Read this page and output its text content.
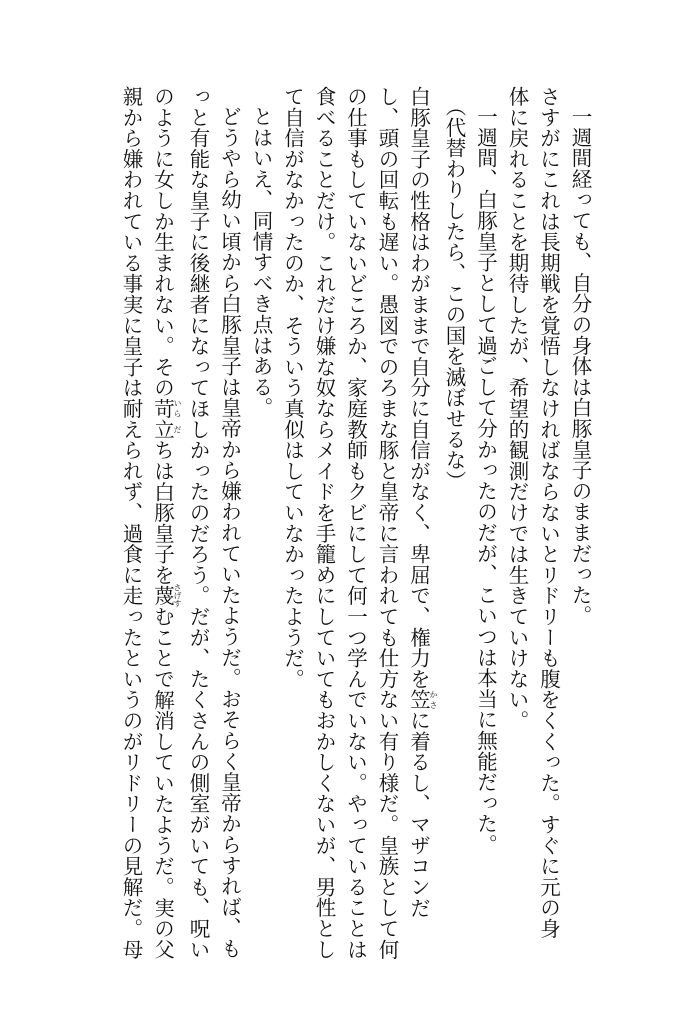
一週間経っても、自分の身体は白豚皇子のままだった。

さすがにこれは長期戦を覚悟しなければならないとリドリーも腹をくくった。すぐに元の身

体に戻れることを期待したが、希望的観測だけでは生きていけない。

一週間、白豚皇子として過ごして分かったのだが、こいつは本当に無能だった。

（代替わりしたら、この国を滅ぼせるな）

白豚皇子の性格はわがままで自分に自信がなく、卑屈で、権力を笠かさに着るし、マザコンだ

し、頭の回転も遅い。愚図でのろまな豚と皇帝に言われても仕方ない有り様だ。皇族として何

の仕事もしていないどころか、家庭教師もクビにして何一つ学んでいない。やっていることは

食べることだけ。これだけ嫌な奴ならメイドを手籠めにしていてもおかしくないが、男性とし

て自信がなかったのか、そういう真似はしていなかったようだ。

とはいえ、同情すべき点はある。

どうやら幼い頃から白豚皇子は皇帝から嫌われていたようだ。おそらく皇帝からすれば、も

っと有能な皇子に後継者になってほしかったのだろう。だが、たくさんの側室がいても、呪い

のように女しか生まれない。その苛いら立だちは白豚皇子を蔑さげすむことで解消していたようだ。実の父

親から嫌われている事実に皇子は耐えられず、過食に走ったというのがリドリーの見解だ。母
